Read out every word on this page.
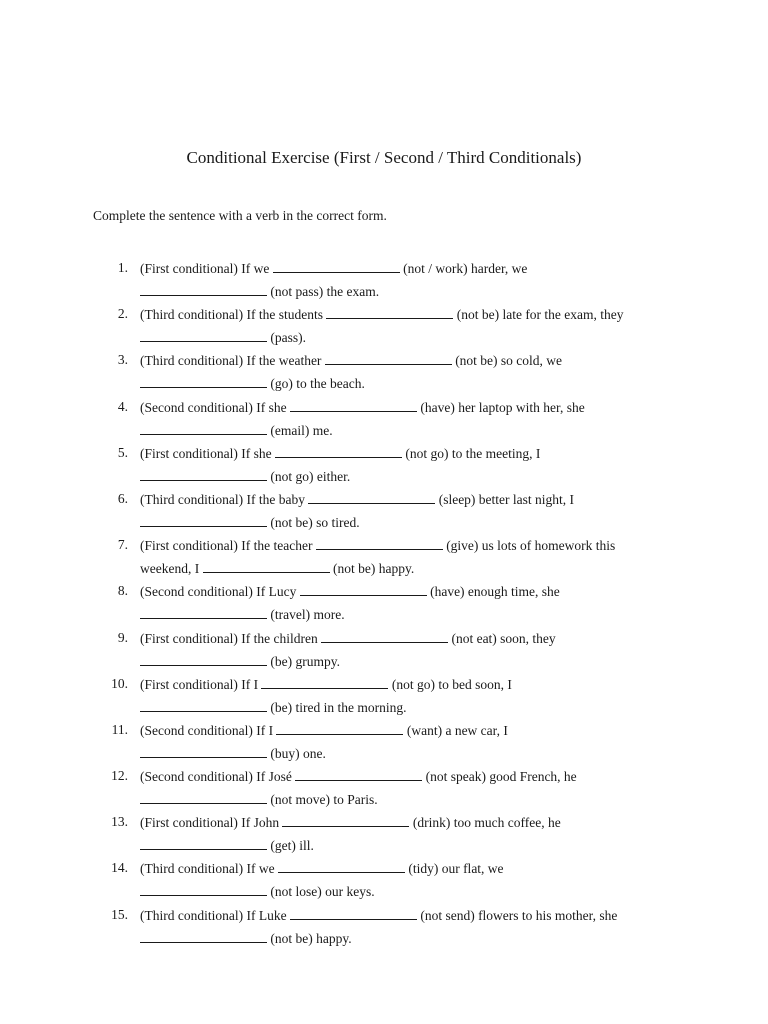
Conditional Exercise (First / Second / Third Conditionals)
Complete the sentence with a verb in the correct form.
1. (First conditional) If we	(not / work) harder, we
(not pass) the exam.
2. (Third conditional) If the students	(not be) late for the exam, they
(pass).
3. (Third conditional) If the weather	(not be) so cold, we
(go) to the beach.
4. (Second conditional) If she	(have) her laptop with her, she
(email) me.
5. (First conditional) If she	(not go) to the meeting, I
(not go) either.
6. (Third conditional) If the baby	(sleep) better last night, I
(not be) so tired.
7. (First conditional) If the teacher	(give) us lots of homework this
weekend, I	(not be) happy.
8. (Second conditional) If Lucy	(have) enough time, she
(travel) more.
9. (First conditional) If the children	(not eat) soon, they
(be) grumpy.
10. (First conditional) If I	(not go) to bed soon, I
(be) tired in the morning.
11. (Second conditional) If I	(want) a new car, I
(buy) one.
12. (Second conditional) If José	(not speak) good French, he
(not move) to Paris.
13. (First conditional) If John	(drink) too much coffee, he
(get) ill.
14. (Third conditional) If we	(tidy) our flat, we
(not lose) our keys.
15. (Third conditional) If Luke	(not send) flowers to his mother, she
(not be) happy.
